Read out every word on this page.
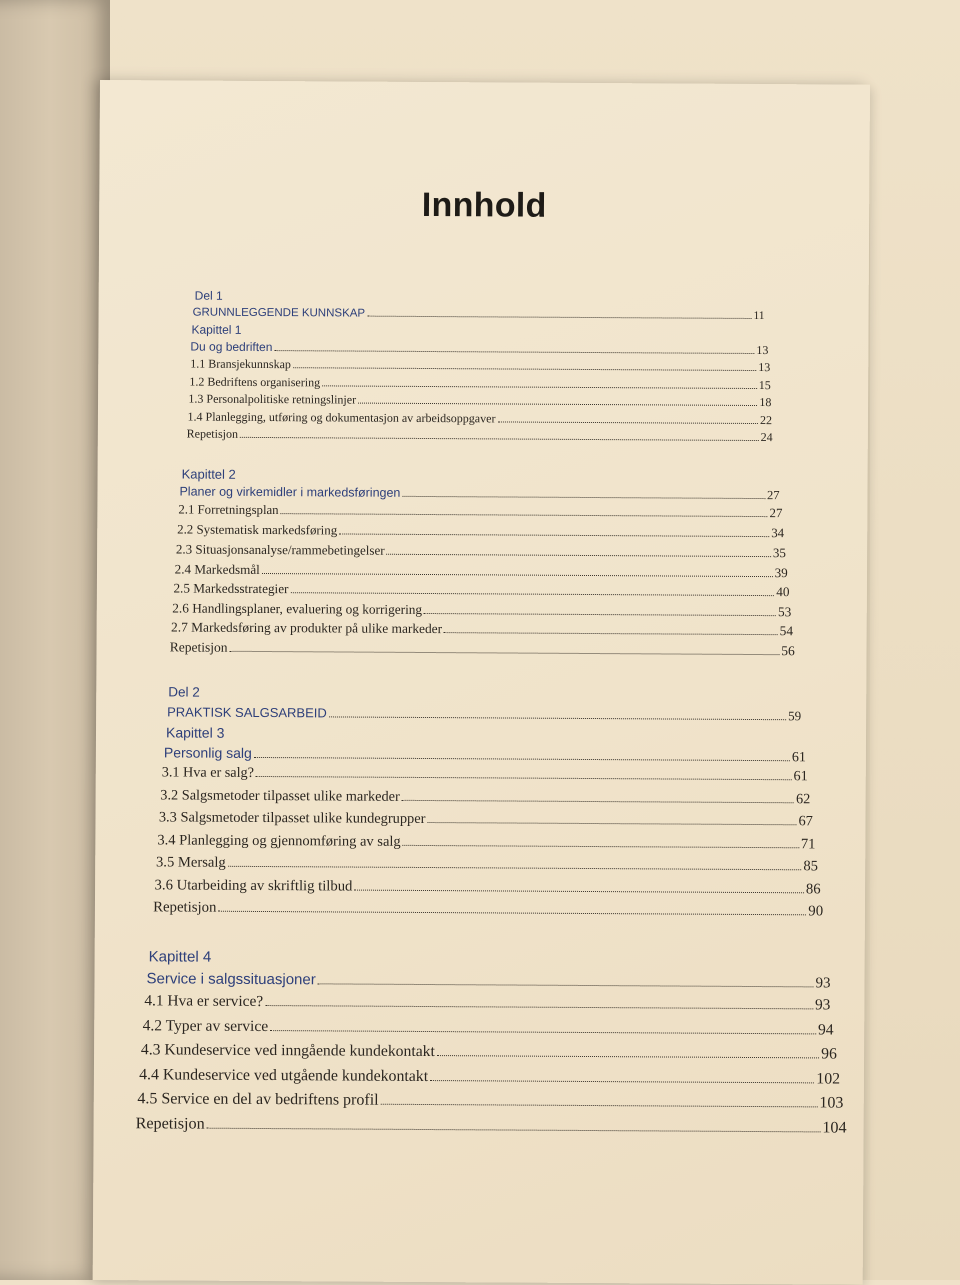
Innhold
Del 1
GRUNNLEGGENDE KUNNSKAP	11
Kapittel 1
Du og bedriften	13
1.1 Bransjekunnskap	13
1.2 Bedriftens organisering	15
1.3 Personalpolitiske retningslinjer	18
1.4 Planlegging, utføring og dokumentasjon av arbeidsoppgaver	22
Repetisjon	24
Kapittel 2
Planer og virkemidler i markedsføringen	27
2.1 Forretningsplan	27
2.2 Systematisk markedsføring	34
2.3 Situasjonsanalyse/rammebetingelser	35
2.4 Markedsmål	39
2.5 Markedsstrategier	40
2.6 Handlingsplaner, evaluering og korrigering	53
2.7 Markedsføring av produkter på ulike markeder	54
Repetisjon	56
Del 2
PRAKTISK SALGSARBEID	59
Kapittel 3
Personlig salg	61
3.1 Hva er salg?	61
3.2 Salgsmetoder tilpasset ulike markeder	62
3.3 Salgsmetoder tilpasset ulike kundegrupper	67
3.4 Planlegging og gjennomføring av salg	71
3.5 Mersalg	85
3.6 Utarbeiding av skriftlig tilbud	86
Repetisjon	90
Kapittel 4
Service i salgssituasjoner	93
4.1 Hva er service?	93
4.2 Typer av service	94
4.3 Kundeservice ved inngående kundekontakt	96
4.4 Kundeservice ved utgående kundekontakt	102
4.5 Service en del av bedriftens profil	103
Repetisjon	104
